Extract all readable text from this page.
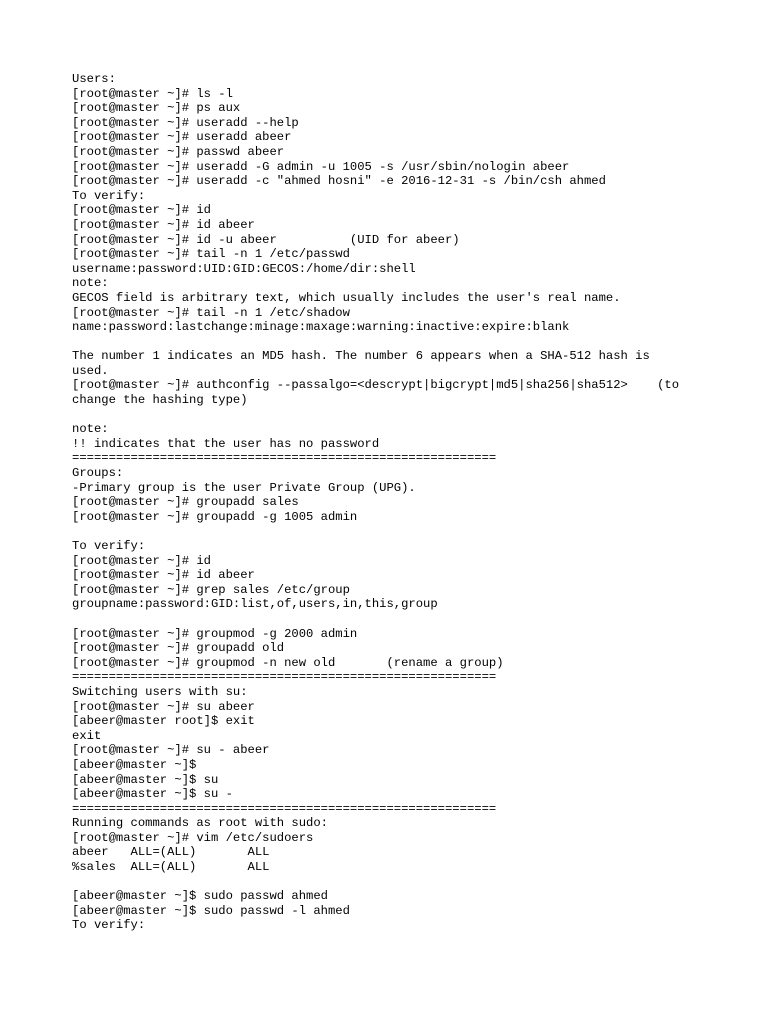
Users:
[root@master ~]# ls -l
[root@master ~]# ps aux
[root@master ~]# useradd --help
[root@master ~]# useradd abeer
[root@master ~]# passwd abeer
[root@master ~]# useradd -G admin -u 1005 -s /usr/sbin/nologin abeer
[root@master ~]# useradd -c "ahmed hosni" -e 2016-12-31 -s /bin/csh ahmed
To verify:
[root@master ~]# id
[root@master ~]# id abeer
[root@master ~]# id -u abeer          (UID for abeer)
[root@master ~]# tail -n 1 /etc/passwd
username:password:UID:GID:GECOS:/home/dir:shell
note:
GECOS field is arbitrary text, which usually includes the user's real name.
[root@master ~]# tail -n 1 /etc/shadow
name:password:lastchange:minage:maxage:warning:inactive:expire:blank
The number 1 indicates an MD5 hash. The number 6 appears when a SHA-512 hash is
used.
[root@master ~]# authconfig --passalgo=<descrypt|bigcrypt|md5|sha256|sha512>    (to
change the hashing type)
note:
!! indicates that the user has no password
==========================================================
Groups:
-Primary group is the user Private Group (UPG).
[root@master ~]# groupadd sales
[root@master ~]# groupadd -g 1005 admin
To verify:
[root@master ~]# id
[root@master ~]# id abeer
[root@master ~]# grep sales /etc/group
groupname:password:GID:list,of,users,in,this,group
[root@master ~]# groupmod -g 2000 admin
[root@master ~]# groupadd old
[root@master ~]# groupmod -n new old       (rename a group)
==========================================================
Switching users with su:
[root@master ~]# su abeer
[abeer@master root]$ exit
exit
[root@master ~]# su - abeer
[abeer@master ~]$
[abeer@master ~]$ su
[abeer@master ~]$ su -
==========================================================
Running commands as root with sudo:
[root@master ~]# vim /etc/sudoers
abeer   ALL=(ALL)       ALL
%sales  ALL=(ALL)       ALL
[abeer@master ~]$ sudo passwd ahmed
[abeer@master ~]$ sudo passwd -l ahmed
To verify:
